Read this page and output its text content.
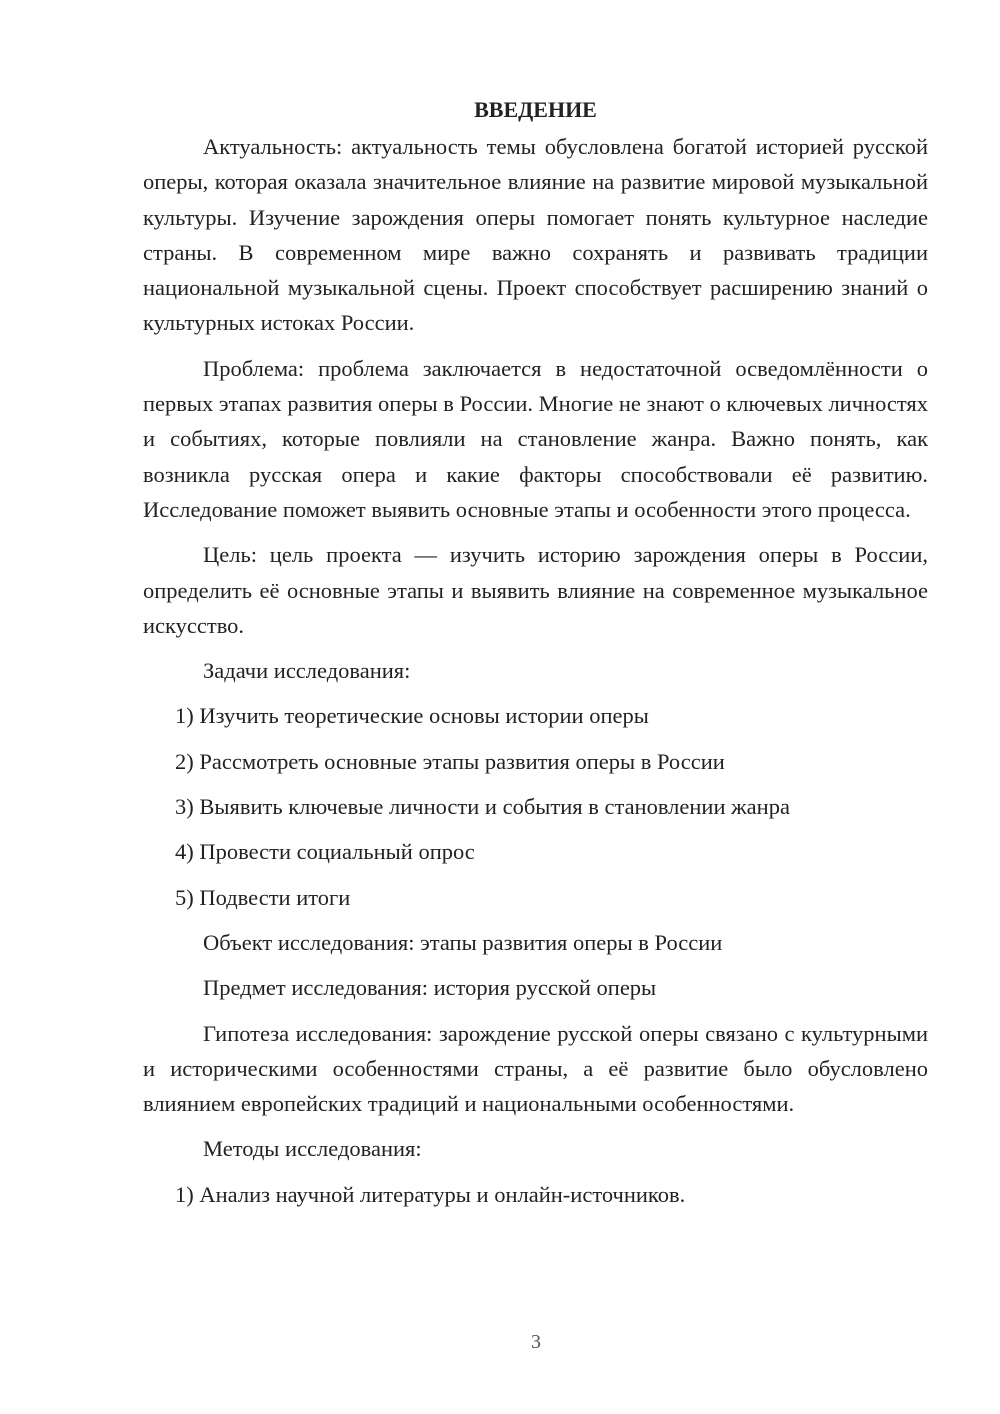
ВВЕДЕНИЕ

Актуальность: актуальность темы обусловлена богатой историей русской оперы, которая оказала значительное влияние на развитие мировой музыкальной культуры. Изучение зарождения оперы помогает понять культурное наследие страны. В современном мире важно сохранять и развивать традиции национальной музыкальной сцены. Проект способствует расширению знаний о культурных истоках России.

Проблема: проблема заключается в недостаточной осведомлённости о первых этапах развития оперы в России. Многие не знают о ключевых личностях и событиях, которые повлияли на становление жанра. Важно понять, как возникла русская опера и какие факторы способствовали её развитию. Исследование поможет выявить основные этапы и особенности этого процесса.

Цель: цель проекта — изучить историю зарождения оперы в России, определить её основные этапы и выявить влияние на современное музыкальное искусство.

Задачи исследования:
1) Изучить теоретические основы истории оперы
2) Рассмотреть основные этапы развития оперы в России
3) Выявить ключевые личности и события в становлении жанра
4) Провести социальный опрос
5) Подвести итоги
Объект исследования: этапы развития оперы в России
Предмет исследования: история русской оперы

Гипотеза исследования: зарождение русской оперы связано с культурными и историческими особенностями страны, а её развитие было обусловлено влиянием европейских традиций и национальными особенностями.

Методы исследования:
1) Анализ научной литературы и онлайн-источников.
3
